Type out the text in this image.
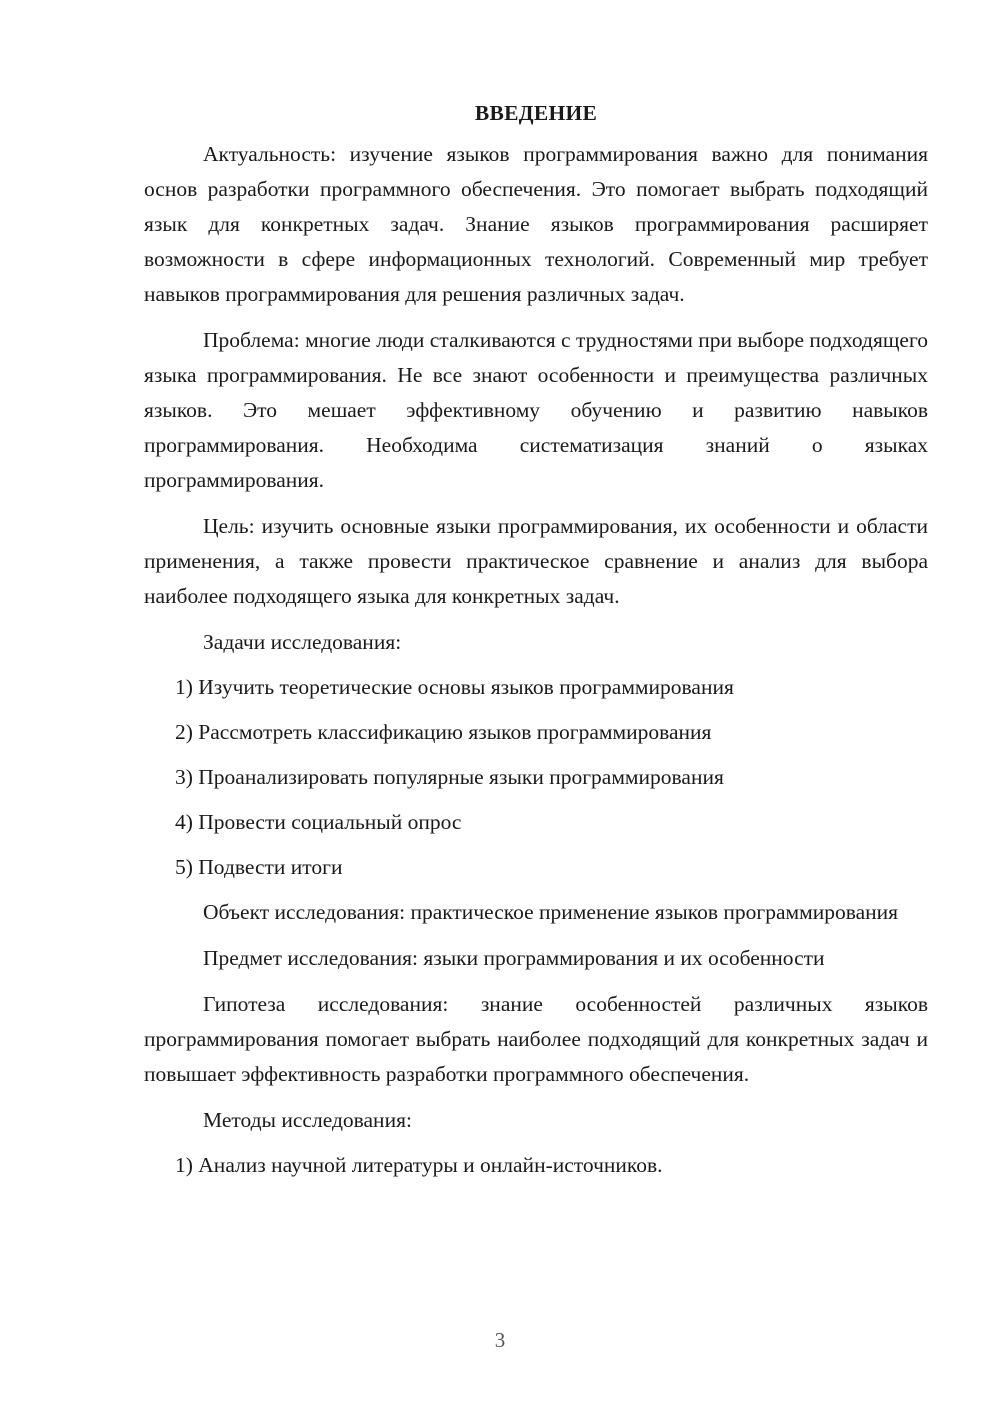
ВВЕДЕНИЕ

Актуальность: изучение языков программирования важно для понимания основ разработки программного обеспечения. Это помогает выбрать подходящий язык для конкретных задач. Знание языков программирования расширяет возможности в сфере информационных технологий. Современный мир требует навыков программирования для решения различных задач.

Проблема: многие люди сталкиваются с трудностями при выборе подходящего языка программирования. Не все знают особенности и преимущества различных языков. Это мешает эффективному обучению и развитию навыков программирования. Необходима систематизация знаний о языках программирования.

Цель: изучить основные языки программирования, их особенности и области применения, а также провести практическое сравнение и анализ для выбора наиболее подходящего языка для конкретных задач.

Задачи исследования:
1) Изучить теоретические основы языков программирования
2) Рассмотреть классификацию языков программирования
3) Проанализировать популярные языки программирования
4) Провести социальный опрос
5) Подвести итоги

Объект исследования: практическое применение языков программирования

Предмет исследования: языки программирования и их особенности

Гипотеза исследования: знание особенностей различных языков программирования помогает выбрать наиболее подходящий для конкретных задач и повышает эффективность разработки программного обеспечения.

Методы исследования:
1) Анализ научной литературы и онлайн-источников.
3
